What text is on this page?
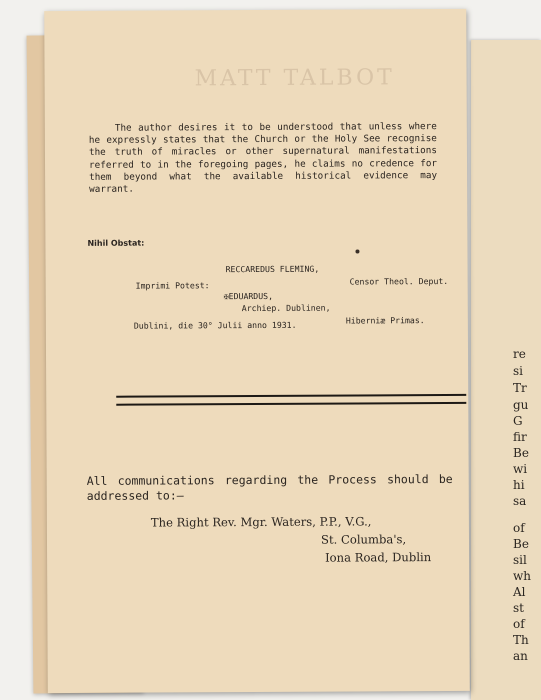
re
si
Tr
gu
G
fir
Be
wi
hi
sa
of
Be
sil
wh
Al
st
of
Th
an
MATT TALBOT
The author desires it to be understood that unless where he expressly states that the Church or the Holy See recognise the truth of miracles or other supernatural manifestations referred to in the foregoing pages, he claims no credence for them beyond what the available historical evidence may warrant.
Nihil Obstat:
RECCAREDUS FLEMING,
Censor Theol. Deput.
Imprimi Potest:
✠EDUARDUS,
Archiep. Dublinen,
Hiberniæ Primas.
Dublini, die 30° Julii anno 1931.
All communications regarding the Process should be addressed to:—
The Right Rev. Mgr. Waters, P.P., V.G.,
St. Columba's,
Iona Road, Dublin
